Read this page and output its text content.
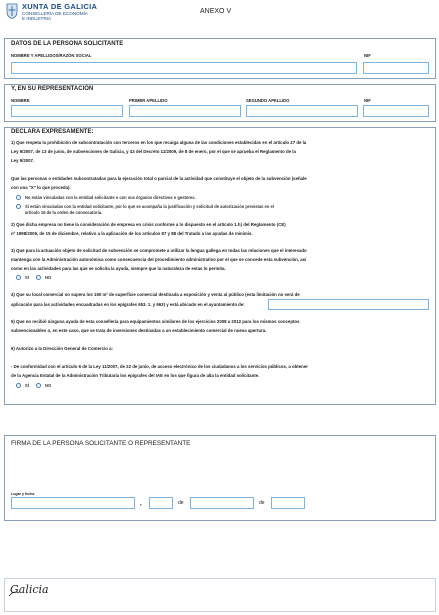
XUNTA DE GALICIA
CONSELLERÍA DE ECONOMÍA
E INDUSTRIA
ANEXO V
DATOS DE LA PERSONA SOLICITANTE
NOMBRE Y APELLIDOS/RAZÓN SOCIAL	NIF
Y, EN SU REPRESENTACIÓN
NOMBRE	PRIMER APELLIDO	SEGUNDO APELLIDO	NIF
DECLARA EXPRESAMENTE:
1) Que respeta la prohibición de subcontratación con terceros en los que recaiga alguna de las condiciones establecidas en el artículo 27 de la
Ley 9/2007, de 13 de junio, de subvenciones de Galicia, y 43 del Decreto 11/2009, de 8 de enero, por el que se aprueba el Reglamento de la
Ley 9/2007.
Que las personas o entidades subcontratadas para la ejecución total o parcial de la actividad que constituye el objeto de la subvención (señale
con una "X" lo que proceda):
No están vinculadas con la entidad solicitante o con sus órganos directivos o gestores.
Sí están vinculadas con la entidad solicitante, por lo que se acompaña la justificación y solicitud de autorización previstas en el
artículo 16 de la orden de convocatoria.
2) Que dicha empresa no tiene la consideración de empresa en crisis conforme a lo dispuesto en el artículo 1.h) del Reglamento (CE)
nº 1998/2006, de 15 de diciembre, relativo a la aplicación de los artículos 87 y 88 del Tratado a las ayudas de minimis.
3) Que para la actuación objeto de solicitud de subvención se compromete a utilizar la lengua gallega en todas las relaciones que el interesado
mantenga con la Administración autonómica como consecuencia del procedimiento administrativo por el que se concede esta subvención, así
como en las actividades para las que se solicita la ayuda, siempre que la naturaleza de estas lo permita.
SÍ	NO
4) Que su local comercial no supera los 150 m² de superficie comercial destinada a exposición y venta al público (esta limitación no será de
aplicación para las actividades encuadradas en los epígrafes 653. 1. y 663) y está ubicado en el ayuntamiento de:
5) Que no recibió ninguna ayuda de esta consellería para equipamientos similares de los ejercicios 2008 a 2012 para los mismos conceptos
subvencionables o, en este caso, que se trata de inversiones destinadas a un establecimiento comercial de nueva apertura.
6) Autorizo a la Dirección General de Comercio a:
- De conformidad con el artículo 6 de la Ley 11/2007, de 22 de junio, de acceso electrónico de los ciudadanos a los servicios públicos, a obtener
de la Agencia Estatal de la Administración Tributaria los epígrafes del IAE en los que figura de alta la entidad solicitante.
SÍ	NO
FIRMA DE LA PERSONA SOLICITANTE O REPRESENTANTE
Lugar y fecha
,	de	de
Galicia
